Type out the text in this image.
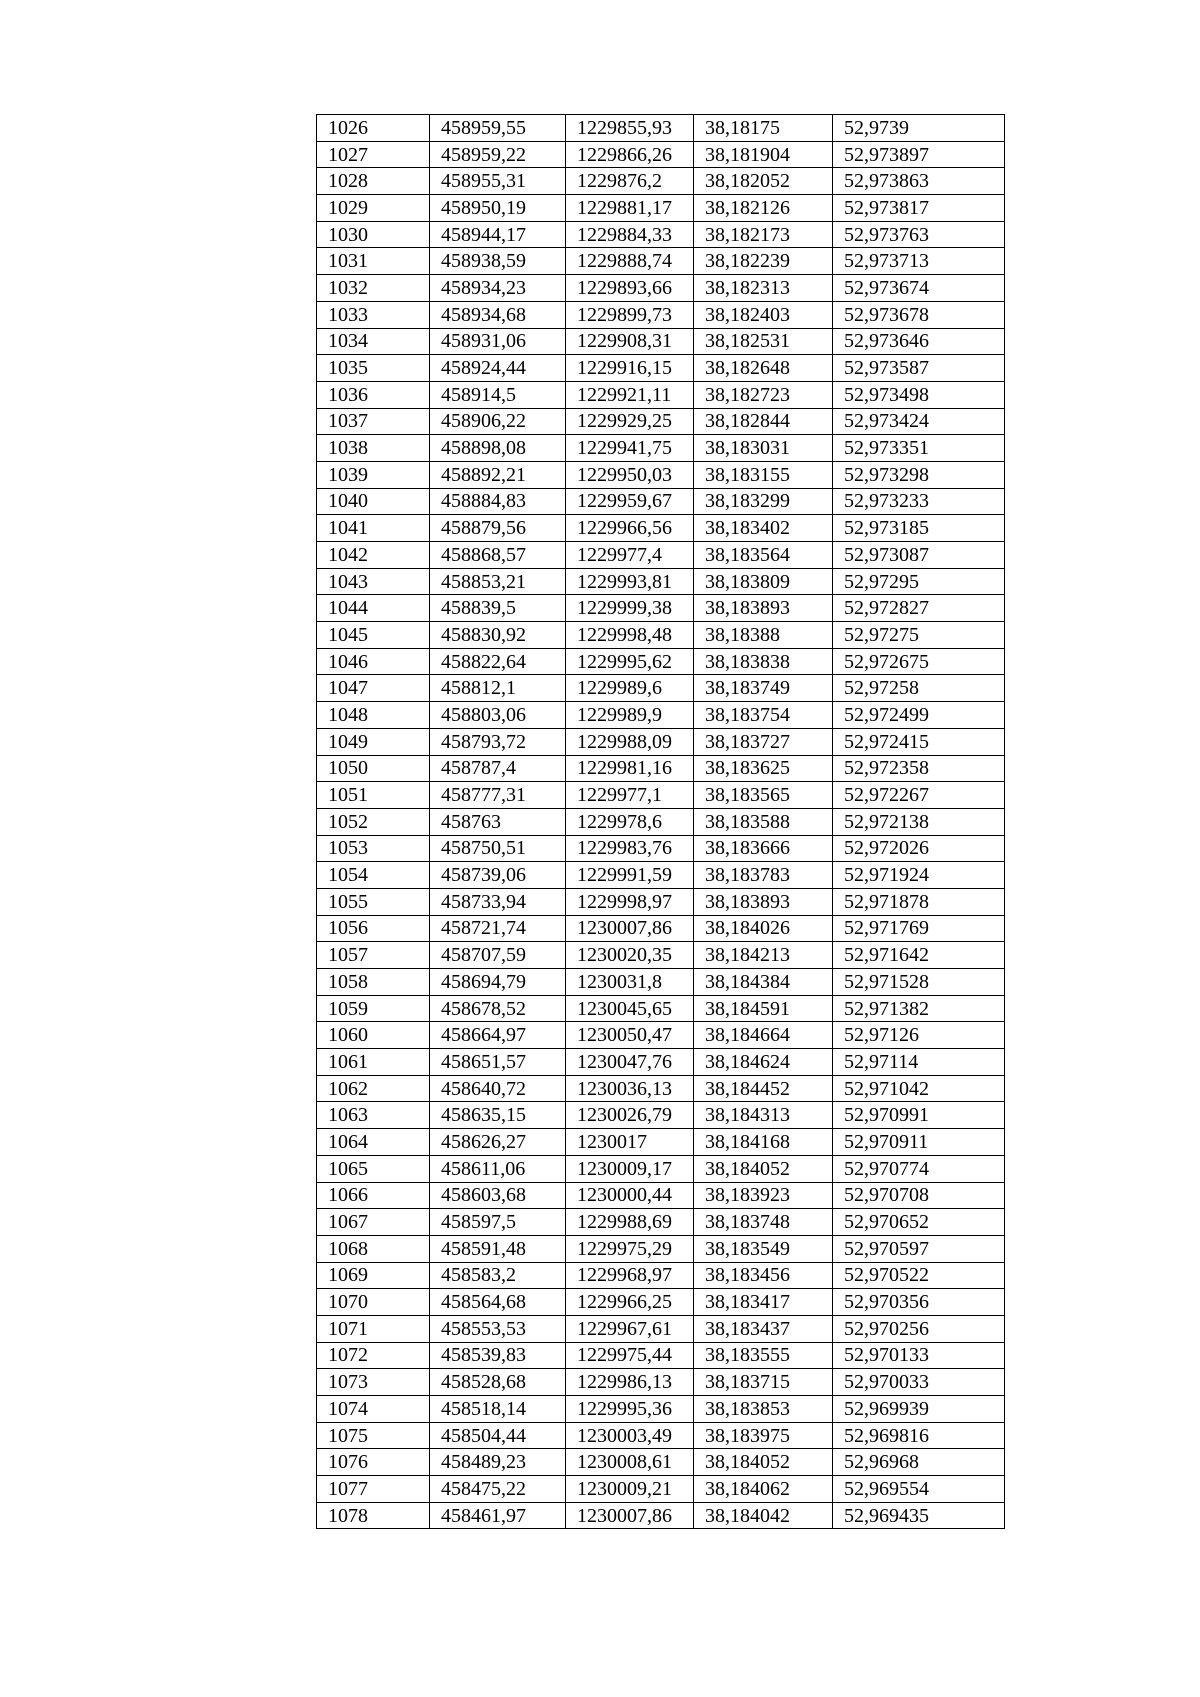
1026	458959,55	1229855,93	38,18175	52,9739
1027	458959,22	1229866,26	38,181904	52,973897
1028	458955,31	1229876,2	38,182052	52,973863
1029	458950,19	1229881,17	38,182126	52,973817
1030	458944,17	1229884,33	38,182173	52,973763
1031	458938,59	1229888,74	38,182239	52,973713
1032	458934,23	1229893,66	38,182313	52,973674
1033	458934,68	1229899,73	38,182403	52,973678
1034	458931,06	1229908,31	38,182531	52,973646
1035	458924,44	1229916,15	38,182648	52,973587
1036	458914,5	1229921,11	38,182723	52,973498
1037	458906,22	1229929,25	38,182844	52,973424
1038	458898,08	1229941,75	38,183031	52,973351
1039	458892,21	1229950,03	38,183155	52,973298
1040	458884,83	1229959,67	38,183299	52,973233
1041	458879,56	1229966,56	38,183402	52,973185
1042	458868,57	1229977,4	38,183564	52,973087
1043	458853,21	1229993,81	38,183809	52,97295
1044	458839,5	1229999,38	38,183893	52,972827
1045	458830,92	1229998,48	38,18388	52,97275
1046	458822,64	1229995,62	38,183838	52,972675
1047	458812,1	1229989,6	38,183749	52,97258
1048	458803,06	1229989,9	38,183754	52,972499
1049	458793,72	1229988,09	38,183727	52,972415
1050	458787,4	1229981,16	38,183625	52,972358
1051	458777,31	1229977,1	38,183565	52,972267
1052	458763	1229978,6	38,183588	52,972138
1053	458750,51	1229983,76	38,183666	52,972026
1054	458739,06	1229991,59	38,183783	52,971924
1055	458733,94	1229998,97	38,183893	52,971878
1056	458721,74	1230007,86	38,184026	52,971769
1057	458707,59	1230020,35	38,184213	52,971642
1058	458694,79	1230031,8	38,184384	52,971528
1059	458678,52	1230045,65	38,184591	52,971382
1060	458664,97	1230050,47	38,184664	52,97126
1061	458651,57	1230047,76	38,184624	52,97114
1062	458640,72	1230036,13	38,184452	52,971042
1063	458635,15	1230026,79	38,184313	52,970991
1064	458626,27	1230017	38,184168	52,970911
1065	458611,06	1230009,17	38,184052	52,970774
1066	458603,68	1230000,44	38,183923	52,970708
1067	458597,5	1229988,69	38,183748	52,970652
1068	458591,48	1229975,29	38,183549	52,970597
1069	458583,2	1229968,97	38,183456	52,970522
1070	458564,68	1229966,25	38,183417	52,970356
1071	458553,53	1229967,61	38,183437	52,970256
1072	458539,83	1229975,44	38,183555	52,970133
1073	458528,68	1229986,13	38,183715	52,970033
1074	458518,14	1229995,36	38,183853	52,969939
1075	458504,44	1230003,49	38,183975	52,969816
1076	458489,23	1230008,61	38,184052	52,96968
1077	458475,22	1230009,21	38,184062	52,969554
1078	458461,97	1230007,86	38,184042	52,969435
